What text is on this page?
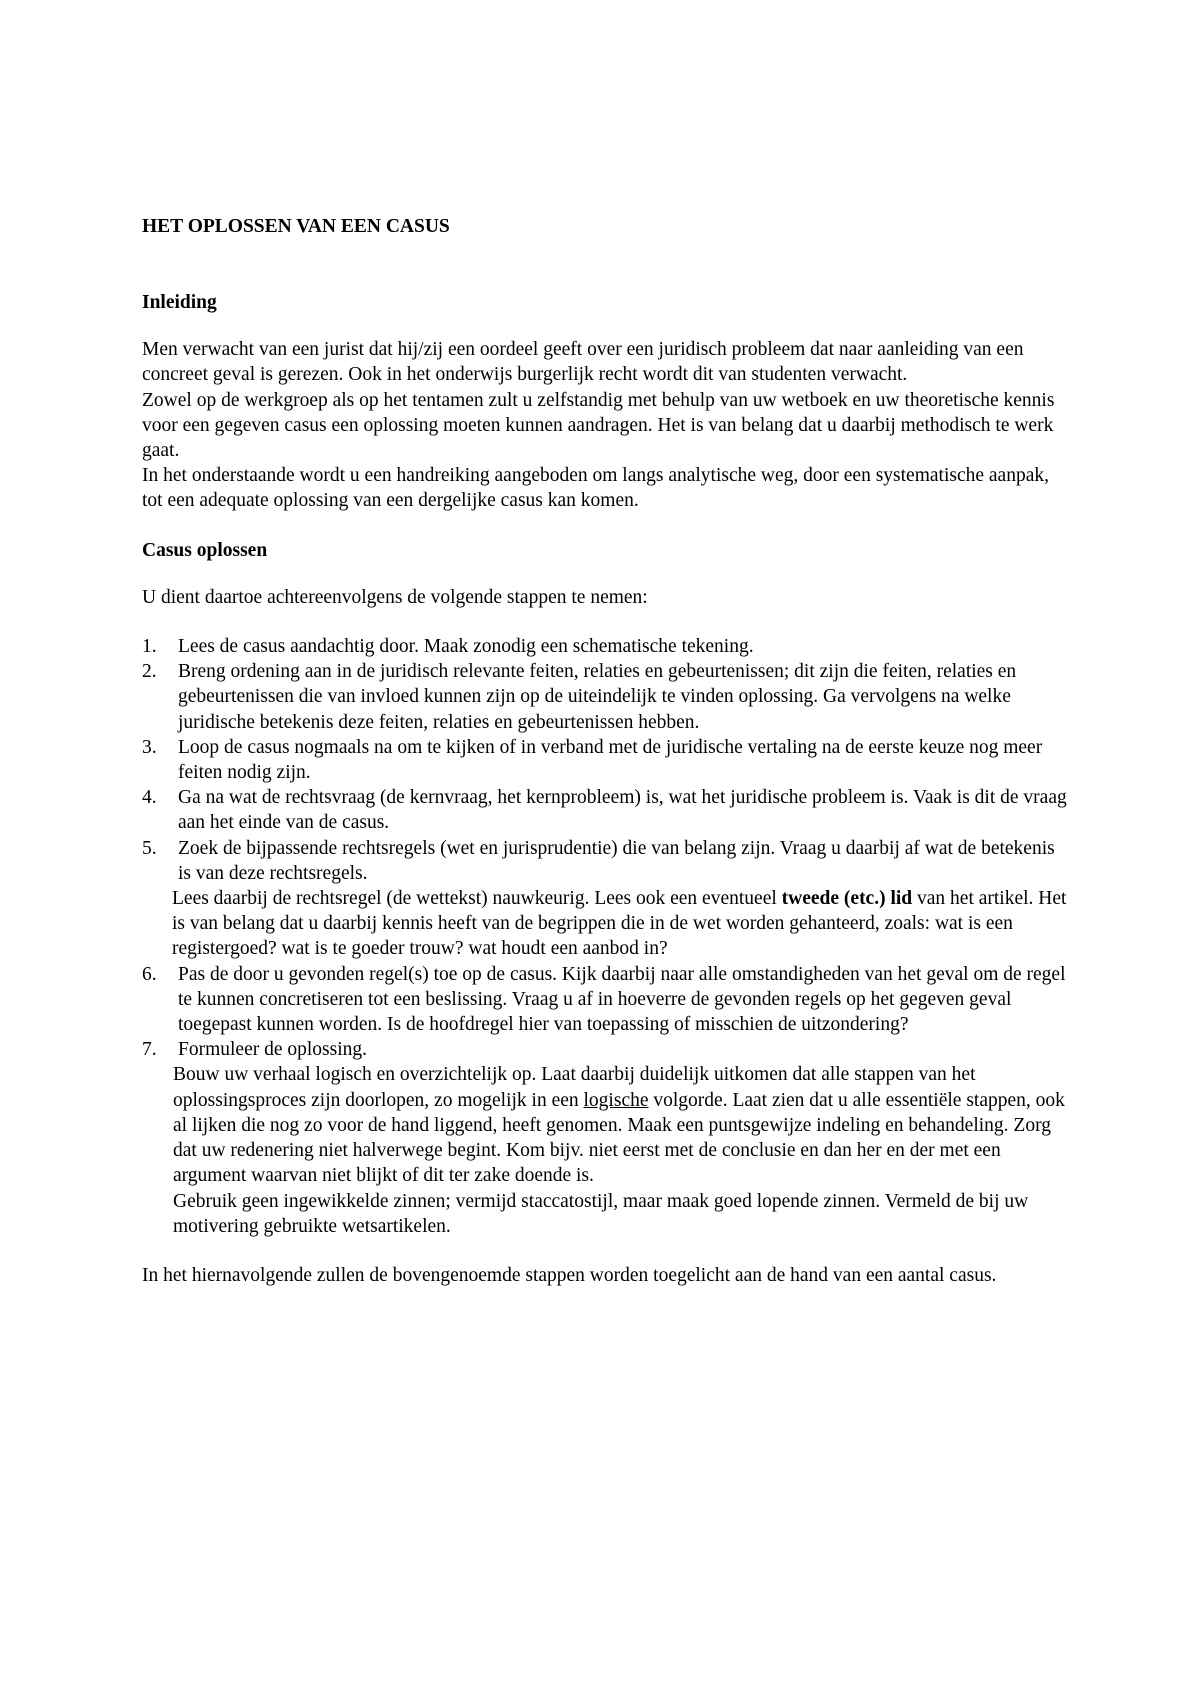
HET OPLOSSEN VAN EEN CASUS

Inleiding

Men verwacht van een jurist dat hij/zij een oordeel geeft over een juridisch probleem dat naar aanleiding van een concreet geval is gerezen. Ook in het onderwijs burgerlijk recht wordt dit van studenten verwacht.

Zowel op de werkgroep als op het tentamen zult u zelfstandig met behulp van uw wetboek en uw theoretische kennis voor een gegeven casus een oplossing moeten kunnen aandragen. Het is van belang dat u daarbij methodisch te werk gaat.

In het onderstaande wordt u een handreiking aangeboden om langs analytische weg, door een systematische aanpak, tot een adequate oplossing van een dergelijke casus kan komen.

Casus oplossen

U dient daartoe achtereenvolgens de volgende stappen te nemen:

1. Lees de casus aandachtig door. Maak zonodig een schematische tekening.
2. Breng ordening aan in de juridisch relevante feiten, relaties en gebeurtenissen; dit zijn die feiten, relaties en gebeurtenissen die van invloed kunnen zijn op de uiteindelijk te vinden oplossing. Ga vervolgens na welke juridische betekenis deze feiten, relaties en gebeurtenissen hebben.
3. Loop de casus nogmaals na om te kijken of in verband met de juridische vertaling na de eerste keuze nog meer feiten nodig zijn.
4. Ga na wat de rechtsvraag (de kernvraag, het kernprobleem) is, wat het juridische probleem is. Vaak is dit de vraag aan het einde van de casus.
5. Zoek de bijpassende rechtsregels (wet en jurisprudentie) die van belang zijn. Vraag u daarbij af wat de betekenis is van deze rechtsregels.

Lees daarbij de rechtsregel (de wettekst) nauwkeurig. Lees ook een eventueel tweede (etc.) lid van het artikel. Het is van belang dat u daarbij kennis heeft van de begrippen die in de wet worden gehanteerd, zoals: wat is een registergoed? wat is te goeder trouw? wat houdt een aanbod in?

6. Pas de door u gevonden regel(s) toe op de casus. Kijk daarbij naar alle omstandigheden van het geval om de regel te kunnen concretiseren tot een beslissing. Vraag u af in hoeverre de gevonden regels op het gegeven geval toegepast kunnen worden. Is de hoofdregel hier van toepassing of misschien de uitzondering?
7. Formuleer de oplossing.

Bouw uw verhaal logisch en overzichtelijk op. Laat daarbij duidelijk uitkomen dat alle stappen van het oplossingsproces zijn doorlopen, zo mogelijk in een logische volgorde. Laat zien dat u alle essentiële stappen, ook al lijken die nog zo voor de hand liggend, heeft genomen. Maak een puntsgewijze indeling en behandeling. Zorg dat uw redenering niet halverwege begint. Kom bijv. niet eerst met de conclusie en dan her en der met een argument waarvan niet blijkt of dit ter zake doende is.

Gebruik geen ingewikkelde zinnen; vermijd staccatostijl, maar maak goed lopende zinnen. Vermeld de bij uw motivering gebruikte wetsartikelen.

In het hiernavolgende zullen de bovengenoemde stappen worden toegelicht aan de hand van een aantal casus.
